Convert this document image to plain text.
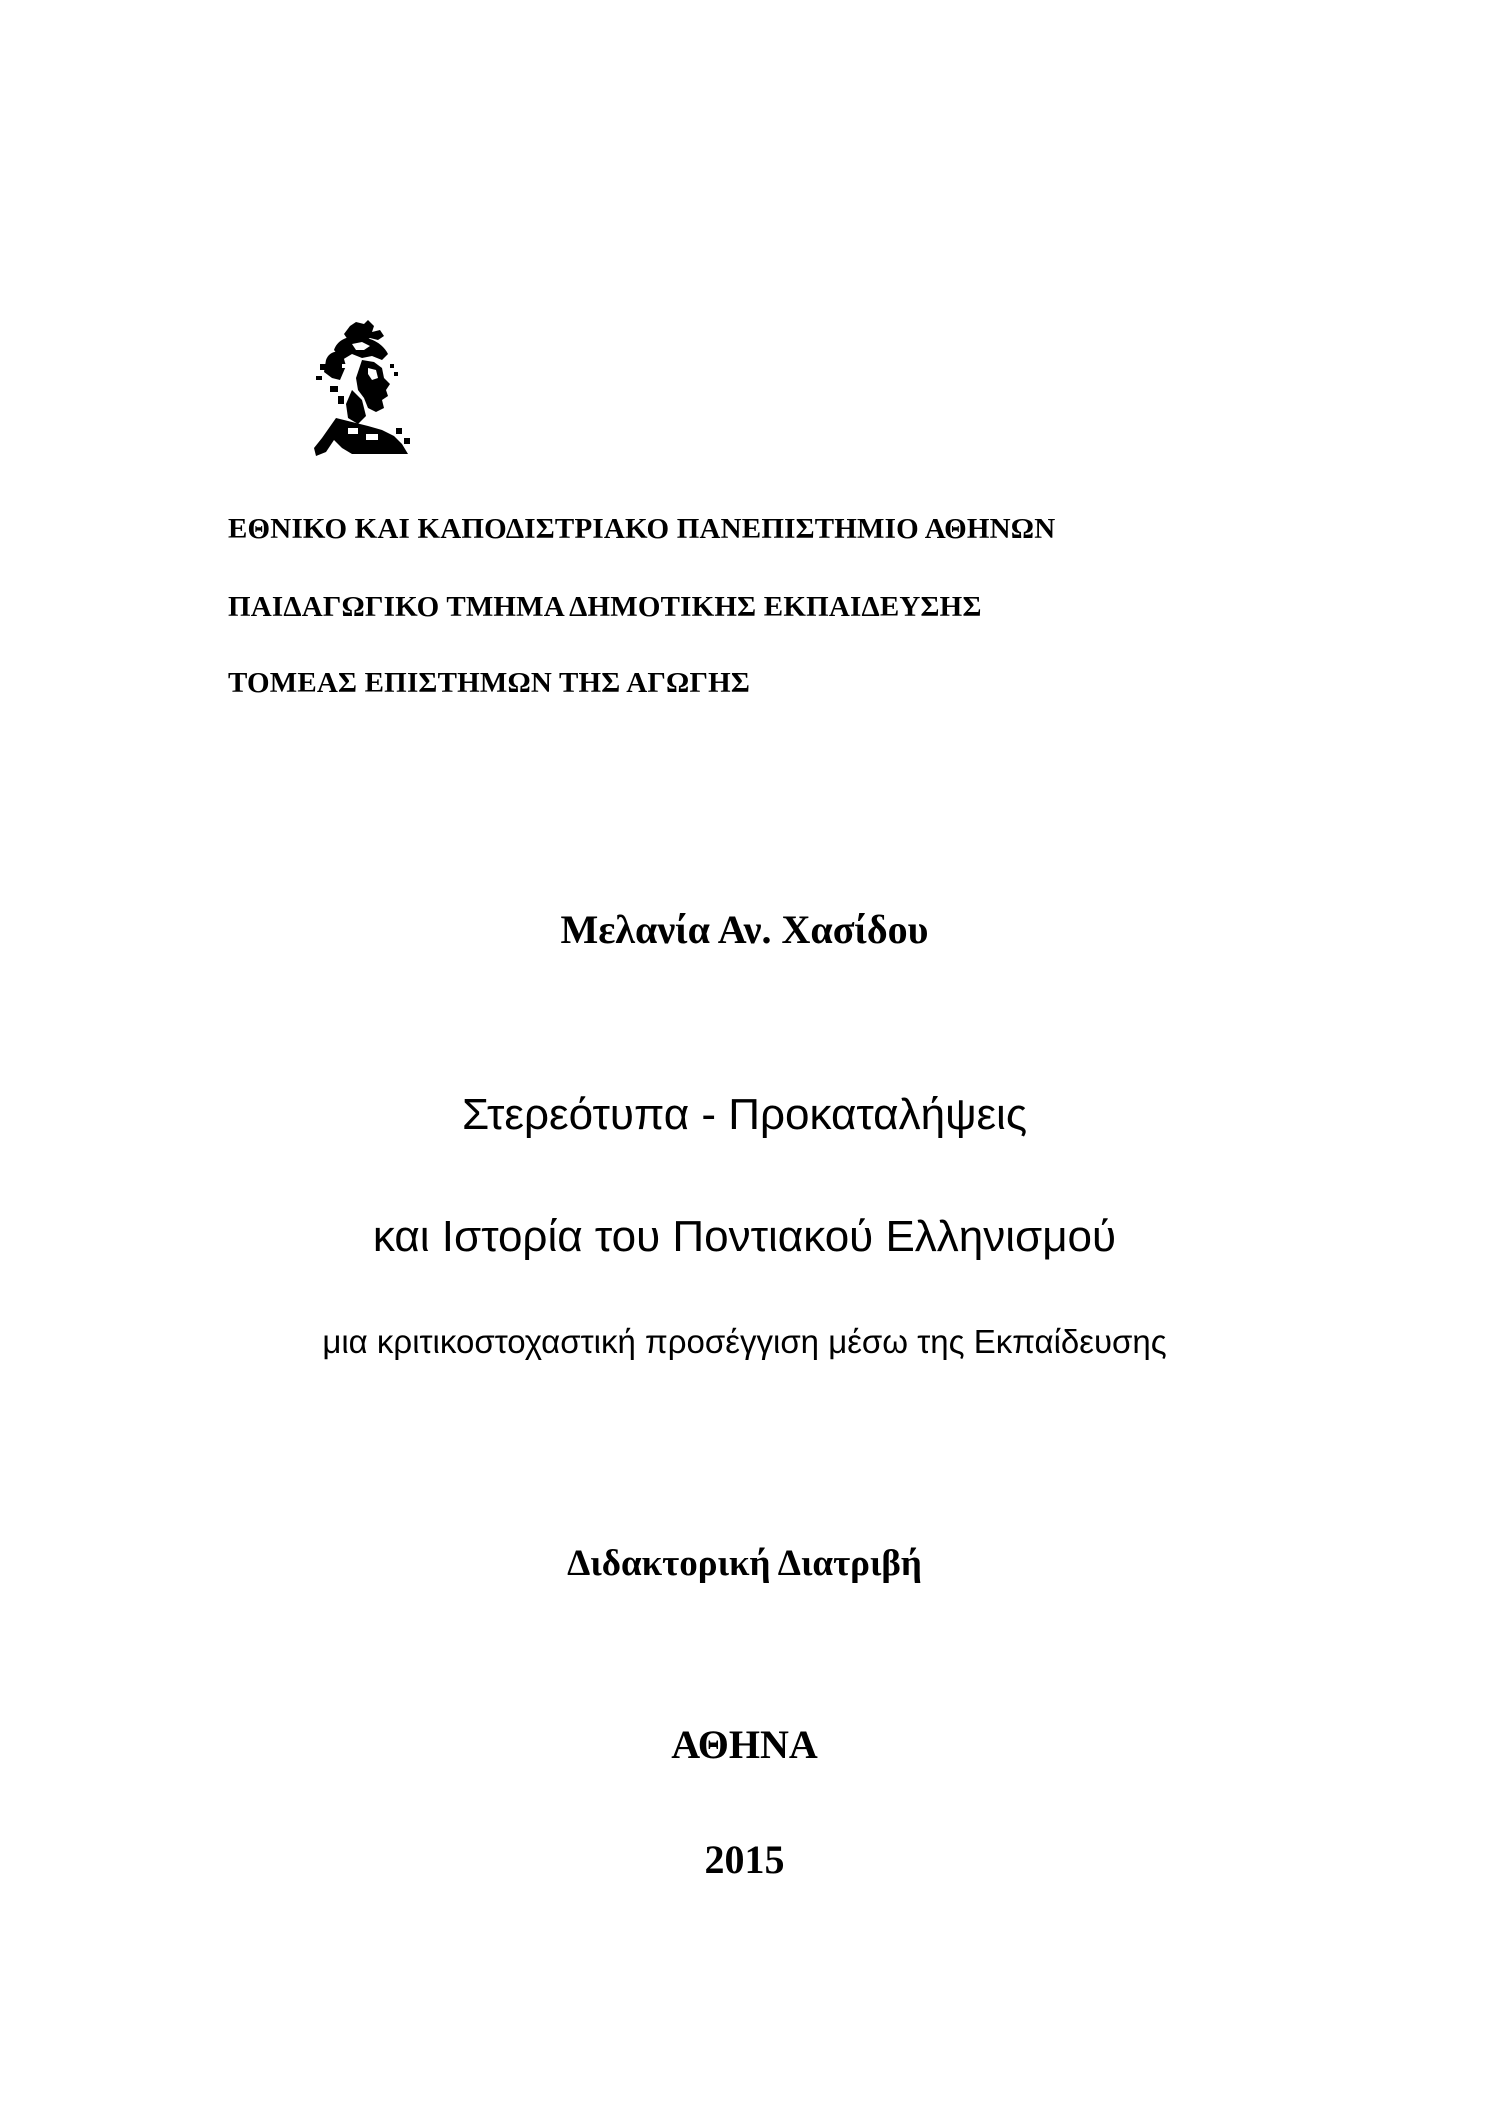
ΕΘΝΙΚΟ ΚΑΙ ΚΑΠΟΔΙΣΤΡΙΑΚΟ ΠΑΝΕΠΙΣΤΗΜΙΟ ΑΘΗΝΩΝ
ΠΑΙΔΑΓΩΓΙΚΟ ΤΜΗΜΑ ΔΗΜΟΤΙΚΗΣ ΕΚΠΑΙΔΕΥΣΗΣ
ΤΟΜΕΑΣ ΕΠΙΣΤΗΜΩΝ ΤΗΣ ΑΓΩΓΗΣ
Μελανία Αν. Χασίδου
Στερεότυπα - Προκαταλήψεις
και Ιστορία του Ποντιακού Ελληνισμού
μια κριτικοστοχαστική προσέγγιση μέσω της Εκπαίδευσης
Διδακτορική Διατριβή
ΑΘΗΝΑ
2015
